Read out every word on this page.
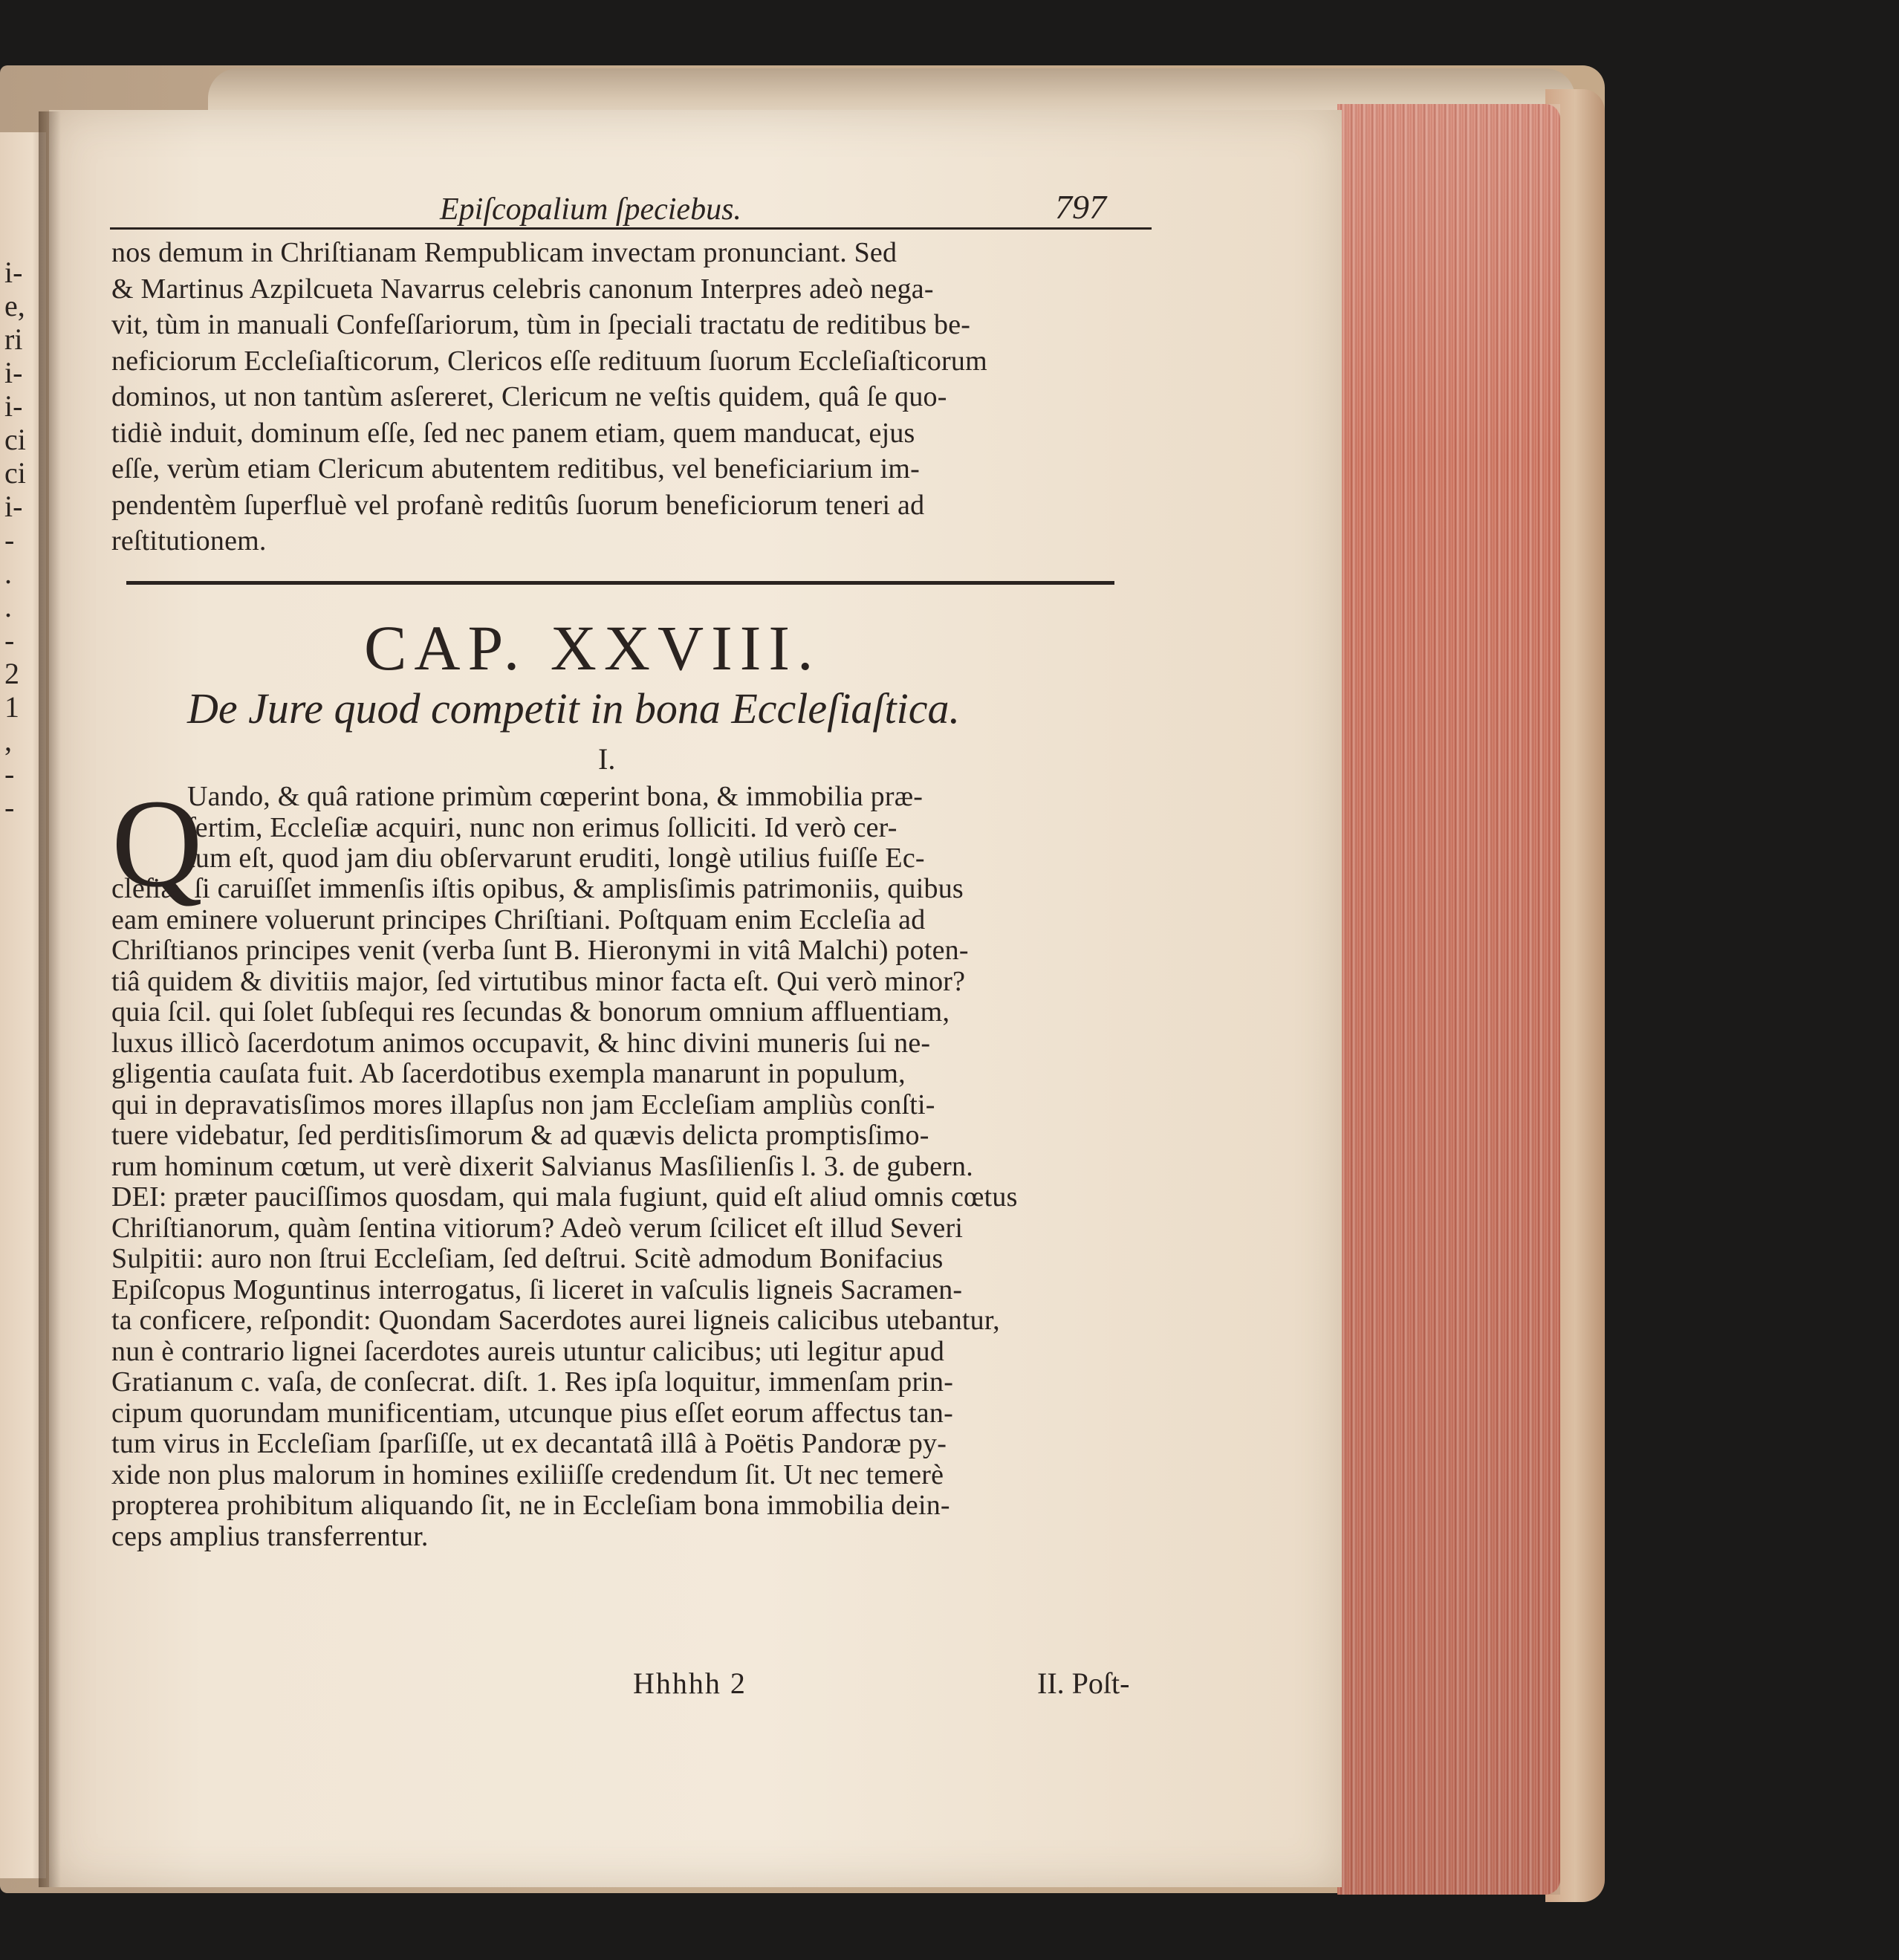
i-
e,
ri
i-
i-
ci
ci
i-
-
.
.
-
2
1
,
-
-
Epiſcopalium ſpeciebus.	797
CAP. XXVIII.
De Jure quod competit in bona Eccleſiaſtica.
I.
Q
Hhhhh 2	II. Poſt-
nos demum in Chriſtianam Rempublicam invectam pronunciant. Sed
& Martinus Azpilcueta Navarrus celebris canonum Interpres adeò nega-
vit, tùm in manuali Confeſſariorum, tùm in ſpeciali tractatu de reditibus be-
neficiorum Eccleſiaſticorum, Clericos eſſe redituum ſuorum Eccleſiaſticorum
dominos, ut non tantùm asſereret, Clericum ne veſtis quidem, quâ ſe quo-
tidiè induit, dominum eſſe, ſed nec panem etiam, quem manducat, ejus
eſſe, verùm etiam Clericum abutentem reditibus, vel beneficiarium im-
pendentèm ſuperfluè vel profanè reditûs ſuorum beneficiorum teneri ad
reſtitutionem.
Uando, & quâ ratione primùm cœperint bona, & immobilia præ-
ſertim, Eccleſiæ acquiri, nunc non erimus ſolliciti. Id verò cer-
tum eſt, quod jam diu obſervarunt eruditi, longè utilius fuiſſe Ec-
cleſiæ, ſi caruiſſet immenſis iſtis opibus, & amplisſimis patrimoniis, quibus
eam eminere voluerunt principes Chriſtiani. Poſtquam enim Eccleſia ad
Chriſtianos principes venit (verba ſunt B. Hieronymi in vitâ Malchi) poten-
tiâ quidem & divitiis major, ſed virtutibus minor facta eſt. Qui verò minor?
quia ſcil. qui ſolet ſubſequi res ſecundas & bonorum omnium affluentiam,
luxus illicò ſacerdotum animos occupavit, & hinc divini muneris ſui ne-
gligentia cauſata fuit. Ab ſacerdotibus exempla manarunt in populum,
qui in depravatisſimos mores illapſus non jam Eccleſiam ampliùs conſti-
tuere videbatur, ſed perditisſimorum & ad quævis delicta promptisſimo-
rum hominum cœtum, ut verè dixerit Salvianus Masſilienſis l. 3. de gubern.
DEI: præter pauciſſimos quosdam, qui mala fugiunt, quid eſt aliud omnis cœtus
Chriſtianorum, quàm ſentina vitiorum? Adeò verum ſcilicet eſt illud Severi
Sulpitii: auro non ſtrui Eccleſiam, ſed deſtrui. Scitè admodum Bonifacius
Epiſcopus Moguntinus interrogatus, ſi liceret in vaſculis ligneis Sacramen-
ta conficere, reſpondit: Quondam Sacerdotes aurei ligneis calicibus utebantur,
nun è contrario lignei ſacerdotes aureis utuntur calicibus; uti legitur apud
Gratianum c. vaſa, de conſecrat. diſt. 1. Res ipſa loquitur, immenſam prin-
cipum quorundam munificentiam, utcunque pius eſſet eorum affectus tan-
tum virus in Eccleſiam ſparſiſſe, ut ex decantatâ illâ à Poëtis Pandoræ py-
xide non plus malorum in homines exiliiſſe credendum ſit. Ut nec temerè
propterea prohibitum aliquando ſit, ne in Eccleſiam bona immobilia dein-
ceps amplius transferrentur.
